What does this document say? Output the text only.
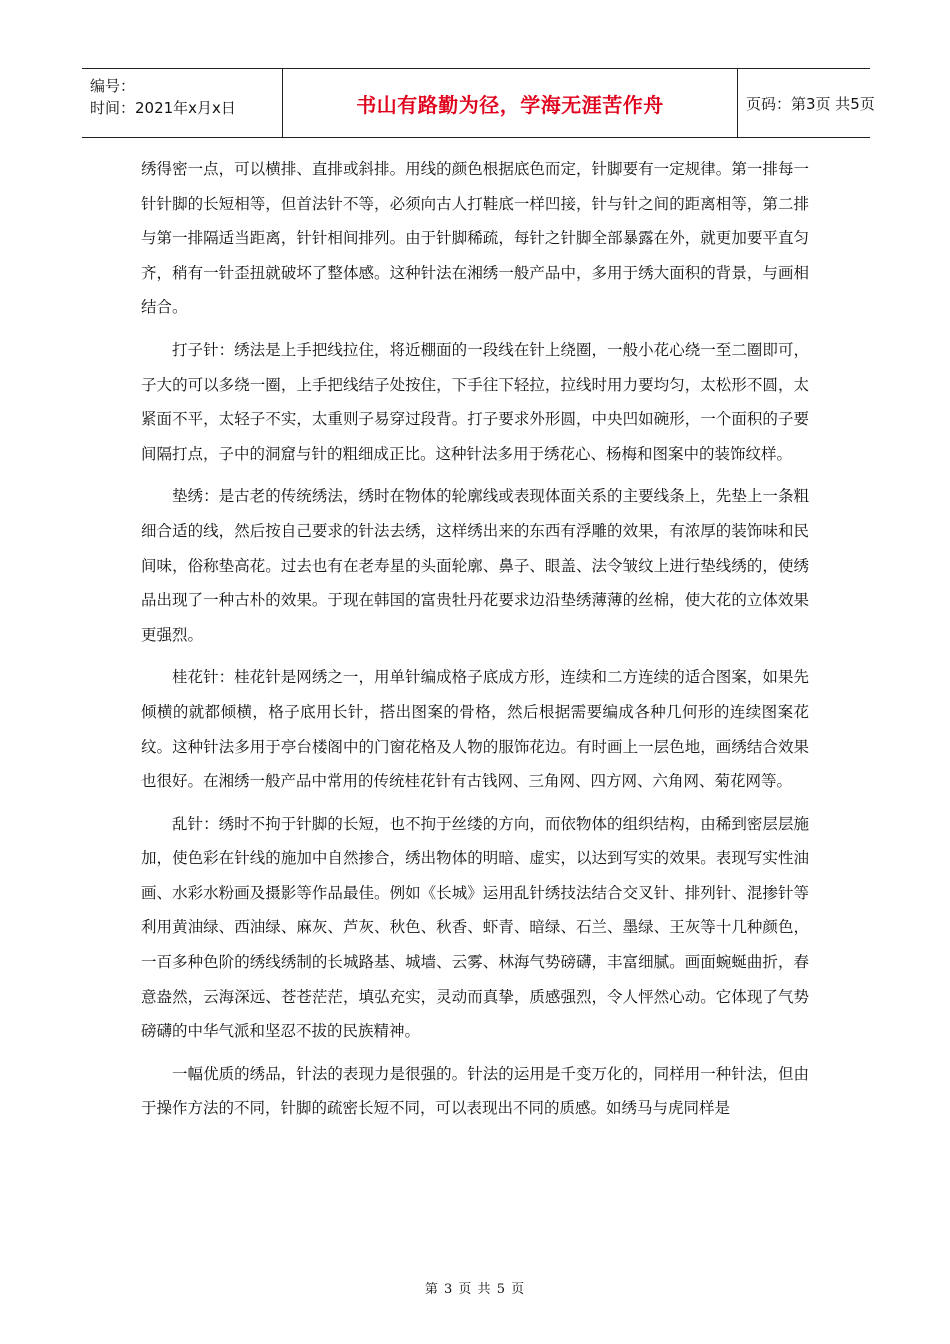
编号：
时间：2021年x月x日	书山有路勤为径，学海无涯苦作舟	页码：第3页 共5页

绣得密一点，可以横排、直排或斜排。用线的颜色根据底色而定，针脚要有一定规律。第一排每一针针脚的长短相等，但首法针不等，必须向古人打鞋底一样凹接，针与针之间的距离相等，第二排与第一排隔适当距离，针针相间排列。由于针脚稀疏，每针之针脚全部暴露在外，就更加要平直匀齐，稍有一针歪扭就破坏了整体感。这种针法在湘绣一般产品中，多用于绣大面积的背景，与画相结合。

打子针：绣法是上手把线拉住，将近棚面的一段线在针上绕圈，一般小花心绕一至二圈即可，子大的可以多绕一圈，上手把线结子处按住，下手往下轻拉，拉线时用力要均匀，太松形不圆，太紧面不平，太轻子不实，太重则子易穿过段背。打子要求外形圆，中央凹如碗形，一个面积的子要间隔打点，子中的洞窟与针的粗细成正比。这种针法多用于绣花心、杨梅和图案中的装饰纹样。

垫绣：是古老的传统绣法，绣时在物体的轮廓线或表现体面关系的主要线条上，先垫上一条粗细合适的线，然后按自己要求的针法去绣，这样绣出来的东西有浮雕的效果，有浓厚的装饰味和民间味，俗称垫高花。过去也有在老寿星的头面轮廓、鼻子、眼盖、法令皱纹上进行垫线绣的，使绣品出现了一种古朴的效果。于现在韩国的富贵牡丹花要求边沿垫绣薄薄的丝棉，使大花的立体效果更强烈。

桂花针：桂花针是网绣之一，用单针编成格子底成方形，连续和二方连续的适合图案，如果先倾横的就都倾横，格子底用长针，搭出图案的骨格，然后根据需要编成各种几何形的连续图案花纹。这种针法多用于亭台楼阁中的门窗花格及人物的服饰花边。有时画上一层色地，画绣结合效果也很好。在湘绣一般产品中常用的传统桂花针有古钱网、三角网、四方网、六角网、菊花网等。

乱针：绣时不拘于针脚的长短，也不拘于丝缕的方向，而依物体的组织结构，由稀到密层层施加，使色彩在针线的施加中自然掺合，绣出物体的明暗、虚实，以达到写实的效果。表现写实性油画、水彩水粉画及摄影等作品最佳。例如《长城》运用乱针绣技法结合交叉针、排列针、混掺针等利用黄油绿、西油绿、麻灰、芦灰、秋色、秋香、虾青、暗绿、石兰、墨绿、王灰等十几种颜色，一百多种色阶的绣线绣制的长城路基、城墙、云雾、林海气势磅礴，丰富细腻。画面蜿蜒曲折，春意盎然，云海深远、苍苍茫茫，填弘充实，灵动而真挚，质感强烈，令人怦然心动。它体现了气势磅礴的中华气派和坚忍不拔的民族精神。

一幅优质的绣品，针法的表现力是很强的。针法的运用是千变万化的，同样用一种针法，但由于操作方法的不同，针脚的疏密长短不同，可以表现出不同的质感。如绣马与虎同样是

第 3 页 共 5 页
